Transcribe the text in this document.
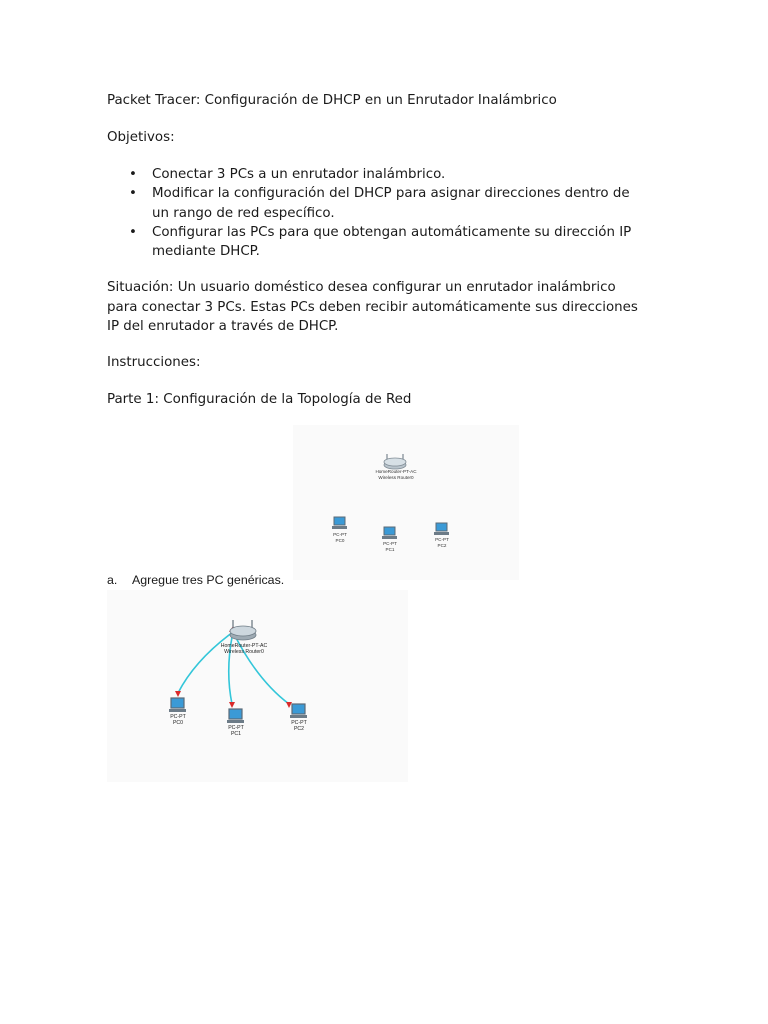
Packet Tracer: Configuración de DHCP en un Enrutador Inalámbrico
Objetivos:
• Conectar 3 PCs a un enrutador inalámbrico.
• Modificar la configuración del DHCP para asignar direcciones dentro de un rango de red específico.
• Configurar las PCs para que obtengan automáticamente su dirección IP mediante DHCP.
Situación: Un usuario doméstico desea configurar un enrutador inalámbrico para conectar 3 PCs. Estas PCs deben recibir automáticamente sus direcciones IP del enrutador a través de DHCP.
Instrucciones:
Parte 1: Configuración de la Topología de Red
HomeRouter-PT-AC
Wireless Router0
PC-PT
PC0
PC-PT
PC1
PC-PT
PC2
a. Agregue tres PC genéricas.
HomeRouter-PT-AC
Wireless Router0
PC-PT
PC0
PC-PT
PC1
PC-PT
PC2
